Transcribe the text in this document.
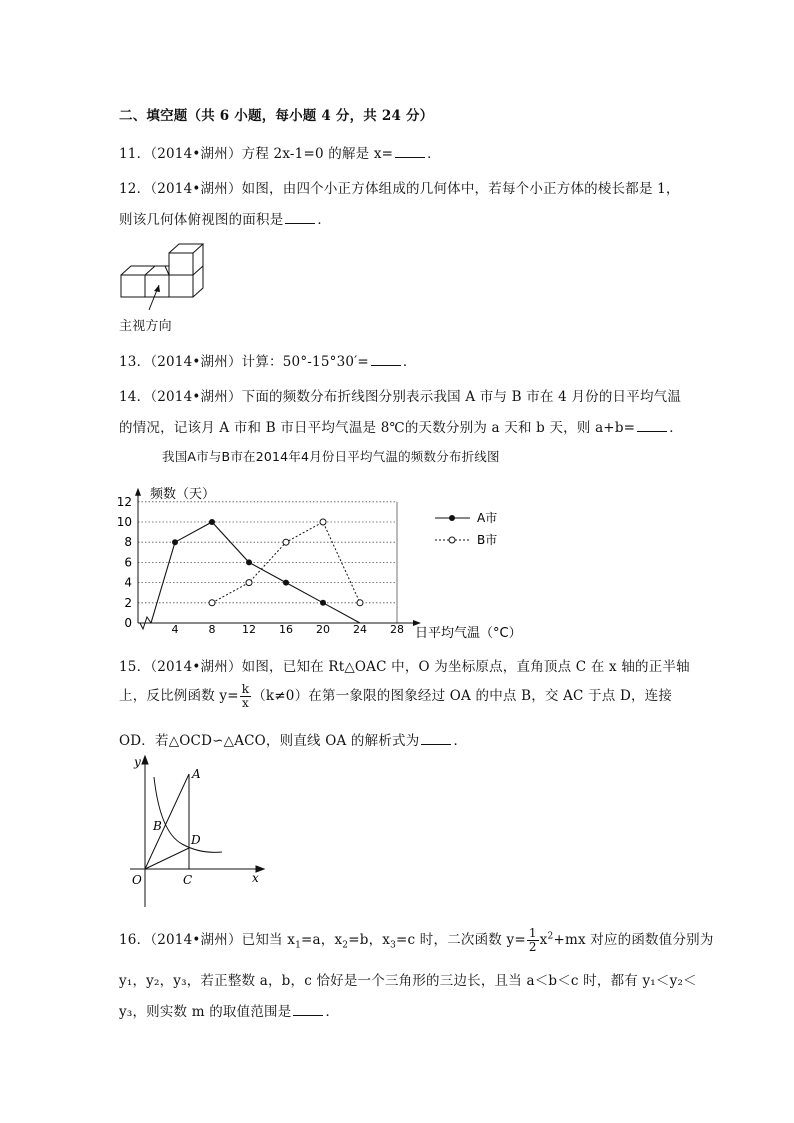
二、填空题（共 6 小题，每小题 4 分，共 24 分）
11．（2014•湖州）方程 2x-1=0 的解是 x=	．
12．（2014•湖州）如图，由四个小正方体组成的几何体中，若每个小正方体的棱长都是 1，
则该几何体俯视图的面积是	．
主视方向
13．（2014•湖州）计算：50°-15°30′=	．
14．（2014•湖州）下面的频数分布折线图分别表示我国 A 市与 B 市在 4 月份的日平均气温
的情况，记该月 A 市和 B 市日平均气温是 8℃的天数分别为 a 天和 b 天，则 a+b=	．
我国A市与B市在2014年4月份日平均气温的频数分布折线图
0
2
4
6
8
10
12
4	8 12 16 20 24 28
频数（天）
日平均气温（°C）
A市
B市
15．（2014•湖州）如图，已知在 Rt△OAC 中，O 为坐标原点，直角顶点 C 在 x 轴的正半轴
上，反比例函数 $y= \frac{k}{x} (k\ne 0)$在第一象限的图象经过 OA 的中点 B，交 AC 于点 D，连接
OD．若△OCD∽△ACO，则直线 OA 的解析式为	．
y
x
A
B
D
O	C
16．（2014•湖州）已知当 $x_1=a$，$x_2=b$，$x_3=c$ 时，二次函数 $y= \frac{1}{2} x^2+mx$ 对应的函数值分别为
y₁，y₂，y₃，若正整数 a，b，c 恰好是一个三角形的三边长，且当 a＜b＜c 时，都有 y₁＜y₂＜
y₃，则实数 m 的取值范围是	．
